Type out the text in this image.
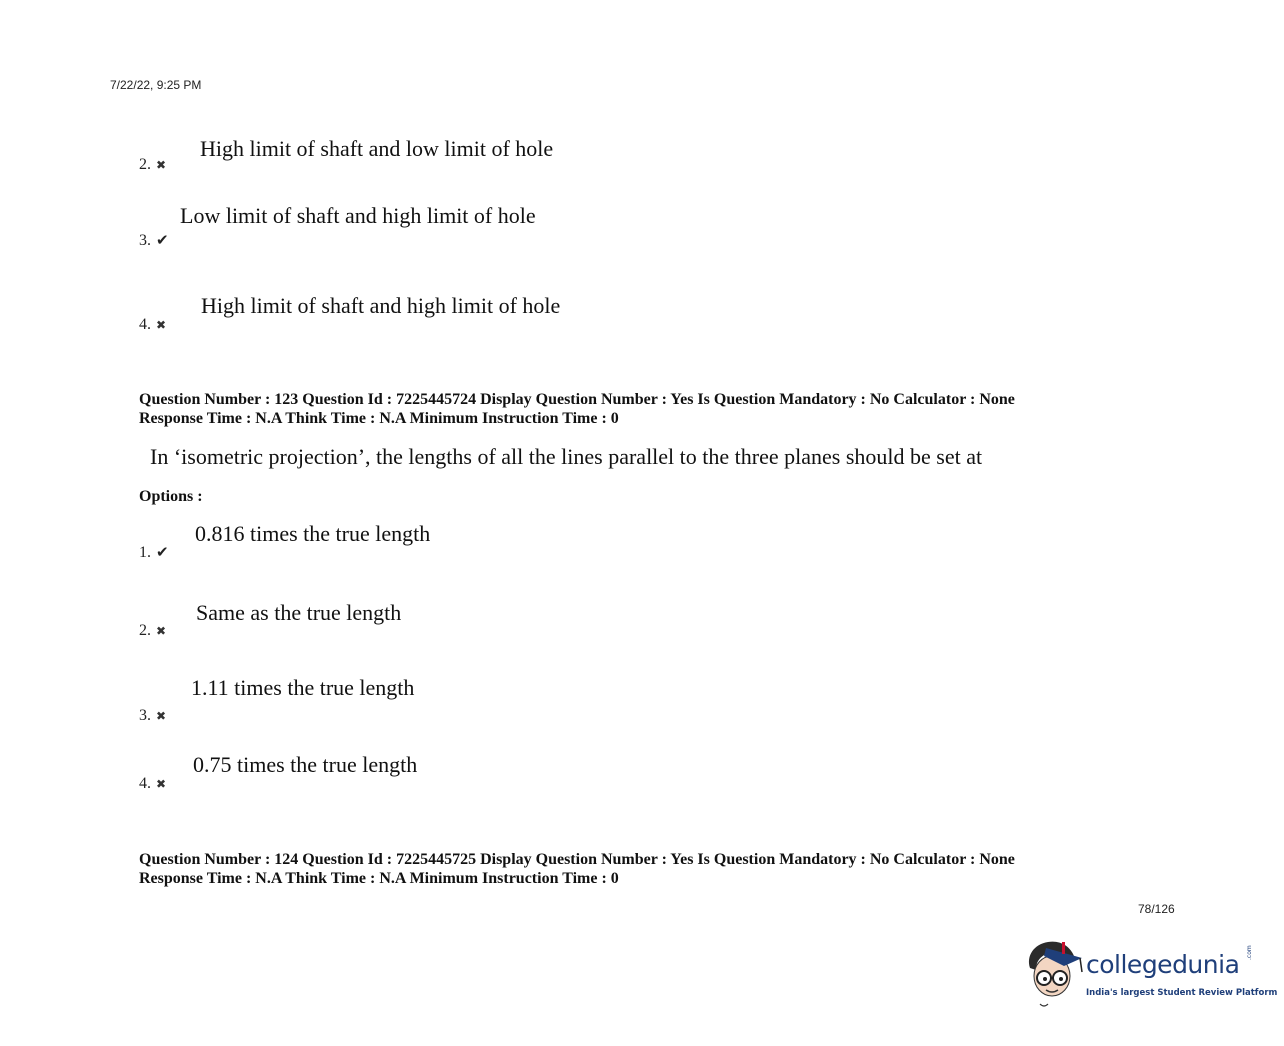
7/22/22, 9:25 PM
2. ✖
High limit of shaft and low limit of hole
3. ✔
Low limit of shaft and high limit of hole
4. ✖
High limit of shaft and high limit of hole
Question Number : 123 Question Id : 7225445724 Display Question Number : Yes Is Question Mandatory : No Calculator : None
Response Time : N.A Think Time : N.A Minimum Instruction Time : 0
In ‘isometric projection’, the lengths of all the lines parallel to the three planes should be set at
Options :
1. ✔
0.816 times the true length
2. ✖
Same as the true length
3. ✖
1.11 times the true length
4. ✖
0.75 times the true length
Question Number : 124 Question Id : 7225445725 Display Question Number : Yes Is Question Mandatory : No Calculator : None
Response Time : N.A Think Time : N.A Minimum Instruction Time : 0
78/126
collegedunia .com
India's largest Student Review Platform
